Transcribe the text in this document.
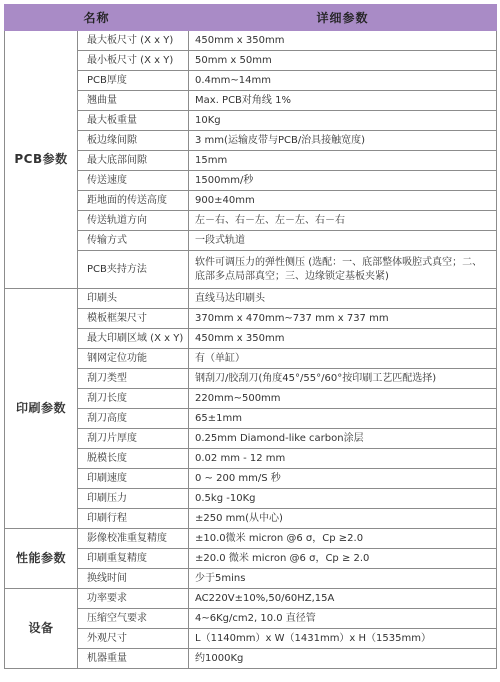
名称		详细参数
PCB参数	最大板尺寸 (X x Y)	450mm x 350mm
	最小板尺寸 (X x Y)	50mm x 50mm
	PCB厚度	0.4mm~14mm
	翘曲量	Max. PCB对角线 1%
	最大板重量	10Kg
	板边缘间隙	3 mm(运输皮带与PCB/治具接触宽度)
	最大底部间隙	15mm
	传送速度	1500mm/秒
	距地面的传送高度	900±40mm
	传送轨道方向	左－右、右－左、左－左、右－右
	传输方式	一段式轨道
	PCB夹持方法	软件可调压力的弹性侧压 (选配：一、底部整体吸腔式真空；二、底部多点局部真空；三、边缘锁定基板夹紧)
印刷参数	印刷头	直线马达印刷头
	模板框架尺寸	370mm x 470mm~737 mm x 737 mm
	最大印刷区域 (X x Y)	450mm x 350mm
	钢网定位功能	有（单缸）
	刮刀类型	钢刮刀/胶刮刀(角度45°/55°/60°按印刷工艺匹配选择)
	刮刀长度	220mm~500mm
	刮刀高度	65±1mm
	刮刀片厚度	0.25mm Diamond-like carbon涂层
	脱模长度	0.02 mm - 12 mm
	印刷速度	0 ~ 200 mm/S 秒
	印刷压力	0.5kg -10Kg
	印刷行程	±250 mm(从中心)
性能参数	影像校准重复精度	±10.0微米 micron @6 σ，Cp ≥2.0
	印刷重复精度	±20.0 微米 micron @6 σ，Cp ≥ 2.0
	换线时间	少于5mins
设备	功率要求	AC220V±10%,50/60HZ,15A
	压缩空气要求	4~6Kg/cm2, 10.0 直径管
	外观尺寸	L（1140mm）x W（1431mm）x H（1535mm）
	机器重量	约1000Kg
